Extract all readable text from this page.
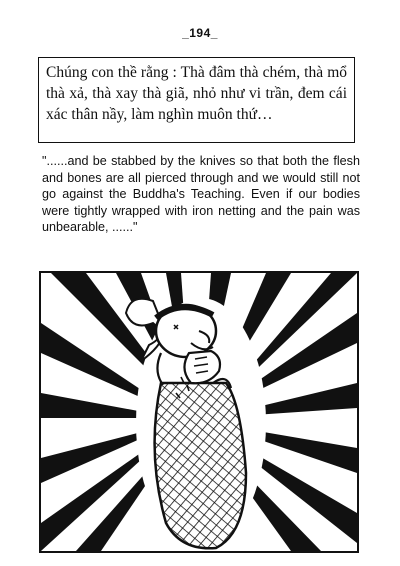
_194_
Chúng con thề rằng : Thà đâm thà chém, thà mổ thà xả, thà xay thà giã, nhỏ như vi trần, đem cái xác thân nầy, làm nghìn muôn thứ…

"......and be stabbed by the knives so that both the flesh and bones are all pierced through and we would still not go against the Buddha's Teaching. Even if our bodies were tightly wrapped with iron netting and the pain was unbearable, ......"
